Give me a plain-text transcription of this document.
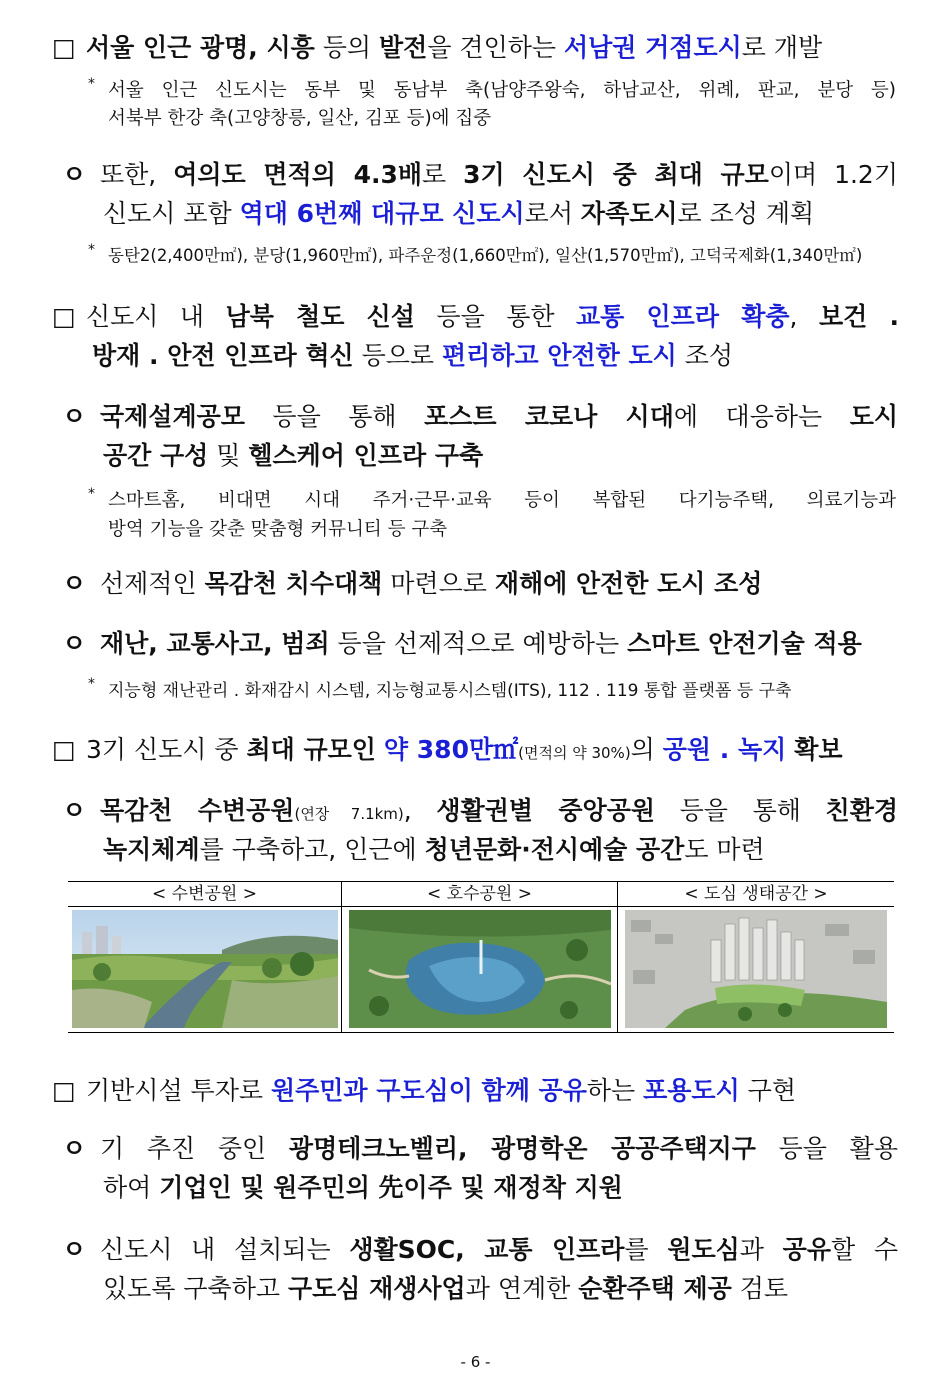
□ 서울 인근 광명, 시흥 등의 발전을 견인하는 서남권 거점도시로 개발
* 서울 인근 신도시는 동부 및 동남부 축(남양주왕숙, 하남교산, 위례, 판교, 분당 등)
서북부 한강 축(고양창릉, 일산, 김포 등)에 집중
ㅇ 또한, 여의도 면적의 4.3배로 3기 신도시 중 최대 규모이며 1.2기
신도시 포함 역대 6번째 대규모 신도시로서 자족도시로 조성 계획
* 동탄2(2,400만㎡), 분당(1,960만㎡), 파주운정(1,660만㎡), 일산(1,570만㎡), 고덕국제화(1,340만㎡)
□ 신도시 내 남북 철도 신설 등을 통한 교통 인프라 확충, 보건 .
방재 . 안전 인프라 혁신 등으로 편리하고 안전한 도시 조성
ㅇ 국제설계공모 등을 통해 포스트 코로나 시대에 대응하는 도시
공간 구성 및 헬스케어 인프라 구축
* 스마트홈, 비대면 시대 주거·근무·교육 등이 복합된 다기능주택, 의료기능과
방역 기능을 갖춘 맞춤형 커뮤니티 등 구축
ㅇ 선제적인 목감천 치수대책 마련으로 재해에 안전한 도시 조성
ㅇ 재난, 교통사고, 범죄 등을 선제적으로 예방하는 스마트 안전기술 적용
* 지능형 재난관리 . 화재감시 시스템, 지능형교통시스템(ITS), 112 . 119 통합 플랫폼 등 구축
□ 3기 신도시 중 최대 규모인 약 380만㎡(면적의 약 30%)의 공원 . 녹지 확보
ㅇ 목감천 수변공원(연장 7.1km), 생활권별 중앙공원 등을 통해 친환경
녹지체계를 구축하고, 인근에 청년문화·전시예술 공간도 마련
< 수변공원 >	< 호수공원 >	< 도심 생태공간 >
□ 기반시설 투자로 원주민과 구도심이 함께 공유하는 포용도시 구현
ㅇ 기 추진 중인 광명테크노벨리, 광명학온 공공주택지구 등을 활용
하여 기업인 및 원주민의 先이주 및 재정착 지원
ㅇ 신도시 내 설치되는 생활SOC, 교통 인프라를 원도심과 공유할 수
있도록 구축하고 구도심 재생사업과 연계한 순환주택 제공 검토
- 6 -
